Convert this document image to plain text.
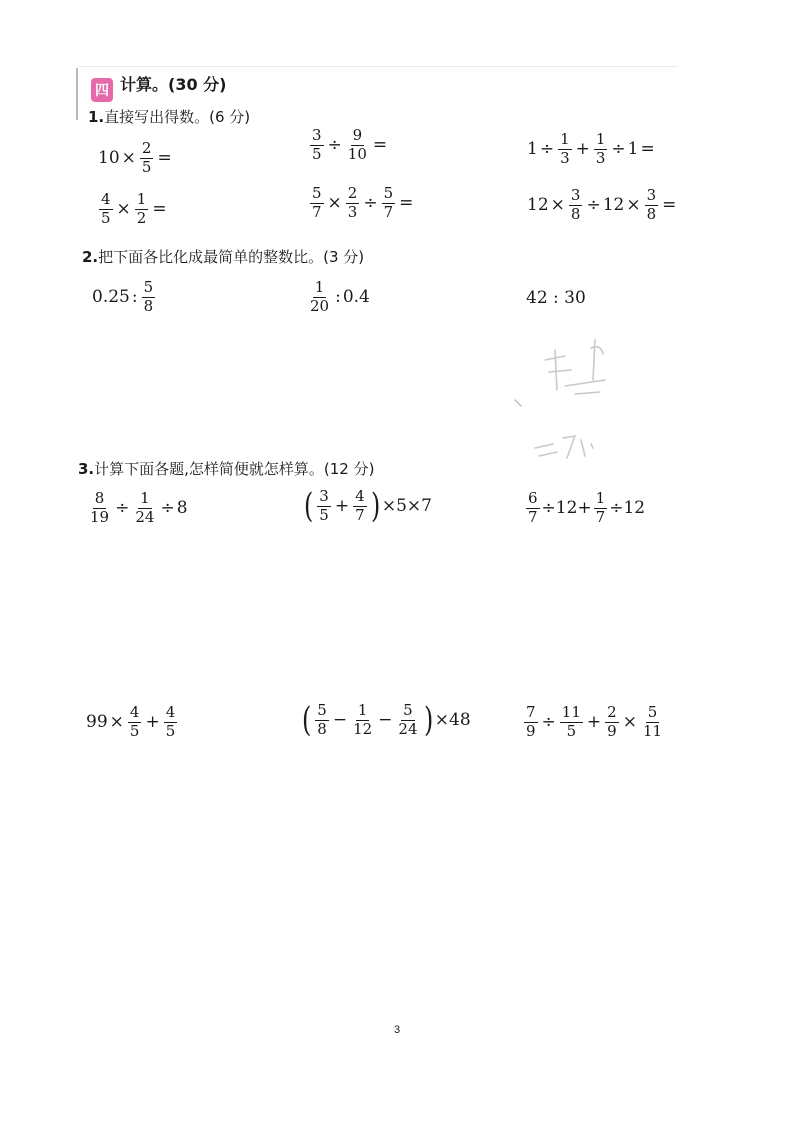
四 计算。(30 分)
1.直接写出得数。(6 分)
$10 \times \frac{2}{5}$ =	$\frac{3}{5} \div \frac{9}{10}$ =	$1 \div \frac{1}{3} + \frac{1}{3} \div 1$ =
$\frac{4}{5} \times \frac{1}{2}$ =	$\frac{5}{7} \times \frac{2}{3} \div \frac{5}{7}$ =	$12 \times \frac{3}{8} \div 12 \times \frac{3}{8}$ =
2.把下面各比化成最简单的整数比。(3 分)
0.25 : $\frac{5}{8}$	$\frac{1}{20}$ : 0.4	42 : 30
3.计算下面各题,怎样简便就怎样算。(12 分)
$\frac{8}{19} \div \frac{1}{24} \div 8$	( $\frac{3}{5} + \frac{4}{7}$ ) ×5×7	$\frac{6}{7} \div 12+ \frac{1}{7} \div 12$
$99 \times \frac{4}{5} + \frac{4}{5}$	( $\frac{5}{8} - \frac{1}{12} - \frac{5}{24}$ ) ×48	$\frac{7}{9} \div \frac{11}{5} + \frac{2}{9} \times \frac{5}{11}$
3
